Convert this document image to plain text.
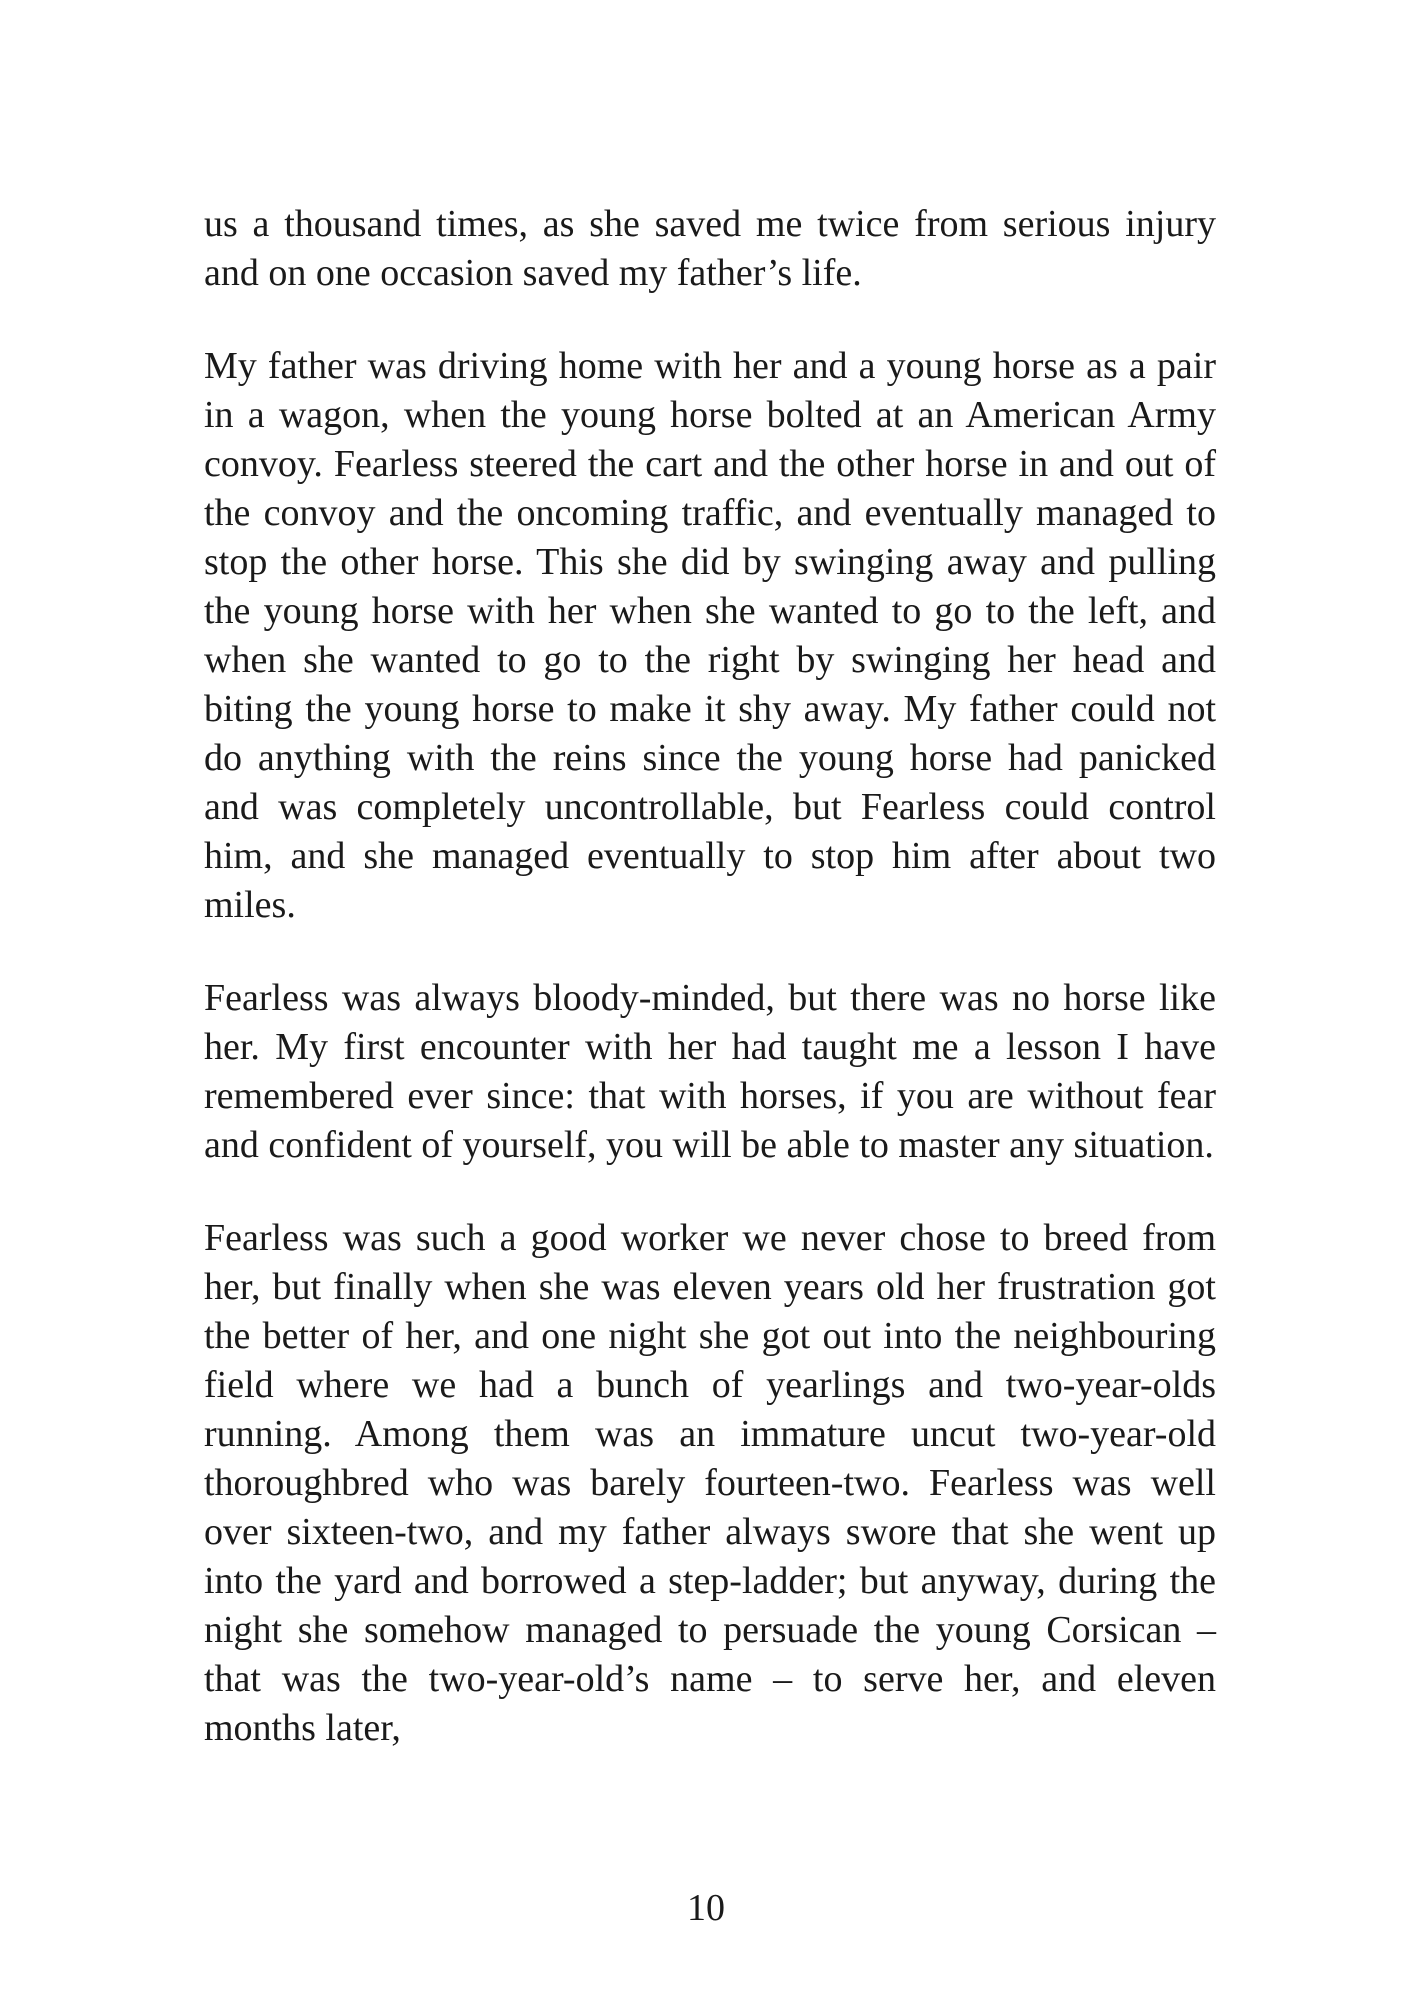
us a thousand times, as she saved me twice from serious injury and on one occasion saved my father’s life.

My father was driving home with her and a young horse as a pair in a wagon, when the young horse bolted at an American Army convoy. Fearless steered the cart and the other horse in and out of the convoy and the oncoming traffic, and eventually managed to stop the other horse. This she did by swinging away and pulling the young horse with her when she wanted to go to the left, and when she wanted to go to the right by swinging her head and biting the young horse to make it shy away. My father could not do anything with the reins since the young horse had panicked and was completely uncontrollable, but Fearless could control him, and she managed eventually to stop him after about two miles.

Fearless was always bloody-minded, but there was no horse like her. My first encounter with her had taught me a lesson I have remembered ever since: that with horses, if you are without fear and confident of yourself, you will be able to master any situation.

Fearless was such a good worker we never chose to breed from her, but finally when she was eleven years old her frustration got the better of her, and one night she got out into the neighbouring field where we had a bunch of yearlings and two-year-olds running. Among them was an immature uncut two-year-old thoroughbred who was barely fourteen-two. Fearless was well over sixteen-two, and my father always swore that she went up into the yard and borrowed a step-ladder; but anyway, during the night she somehow managed to persuade the young Corsican – that was the two-year-old’s name – to serve her, and eleven months later,

10
